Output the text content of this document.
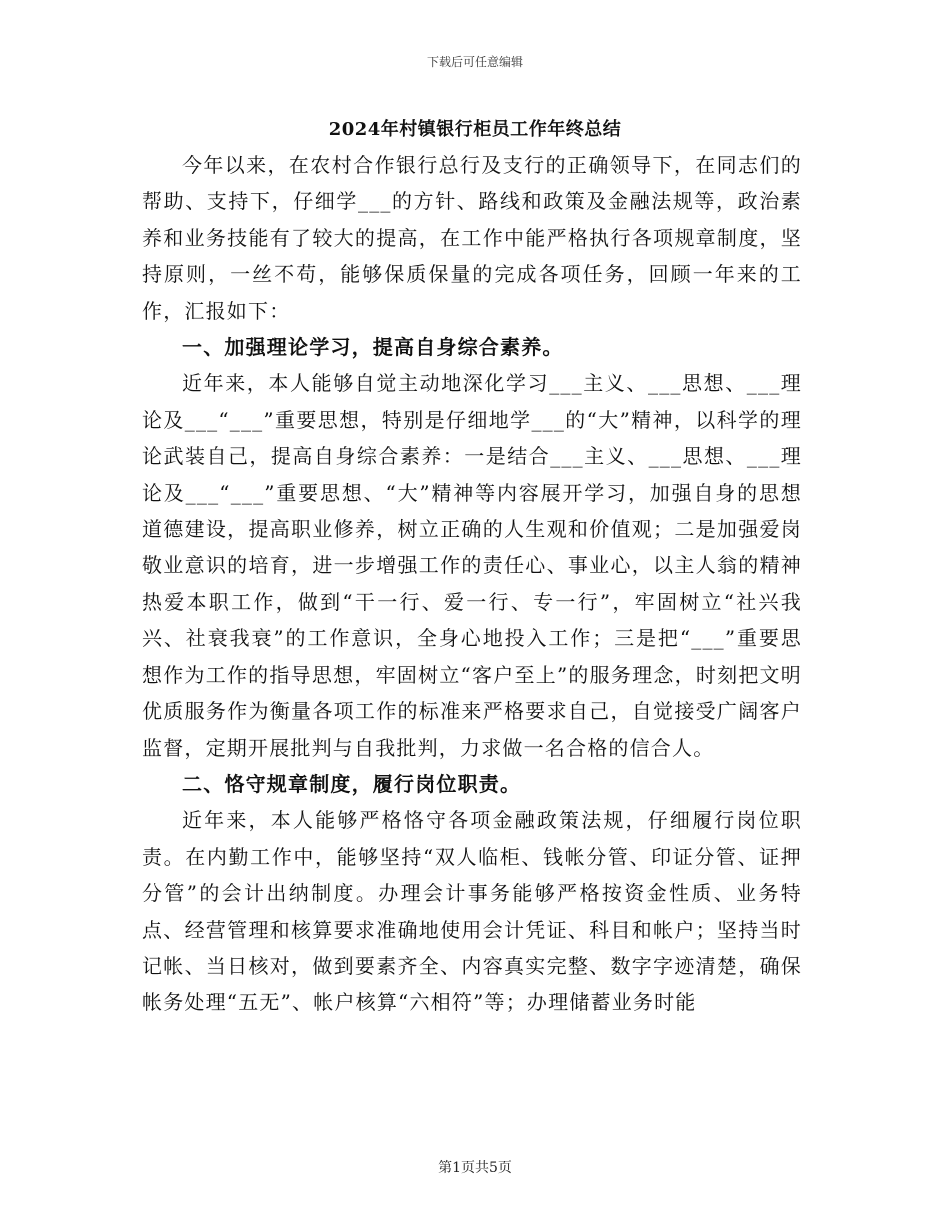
下载后可任意编辑
2024年村镇银行柜员工作年终总结

今年以来，在农村合作银行总行及支行的正确领导下，在同志们的帮助、支持下，仔细学___的方针、路线和政策及金融法规等，政治素养和业务技能有了较大的提高，在工作中能严格执行各项规章制度，坚持原则，一丝不苟，能够保质保量的完成各项任务，回顾一年来的工作，汇报如下：

一、加强理论学习，提高自身综合素养。

近年来，本人能够自觉主动地深化学习___主义、___思想、___理论及___“___”重要思想，特别是仔细地学___的“大”精神，以科学的理论武装自己，提高自身综合素养：一是结合___主义、___思想、___理论及___“___”重要思想、“大”精神等内容展开学习，加强自身的思想道德建设，提高职业修养，树立正确的人生观和价值观；二是加强爱岗敬业意识的培育，进一步增强工作的责任心、事业心，以主人翁的精神热爱本职工作，做到“干一行、爱一行、专一行”，牢固树立“社兴我兴、社衰我衰”的工作意识，全身心地投入工作；三是把“___”重要思想作为工作的指导思想，牢固树立“客户至上”的服务理念，时刻把文明优质服务作为衡量各项工作的标准来严格要求自己，自觉接受广阔客户监督，定期开展批判与自我批判，力求做一名合格的信合人。

二、恪守规章制度，履行岗位职责。

近年来，本人能够严格恪守各项金融政策法规，仔细履行岗位职责。在内勤工作中，能够坚持“双人临柜、钱帐分管、印证分管、证押分管”的会计出纳制度。办理会计事务能够严格按资金性质、业务特点、经营管理和核算要求准确地使用会计凭证、科目和帐户；坚持当时记帐、当日核对，做到要素齐全、内容真实完整、数字字迹清楚，确保帐务处理“五无”、帐户核算“六相符”等；办理储蓄业务时能

第1页共5页
